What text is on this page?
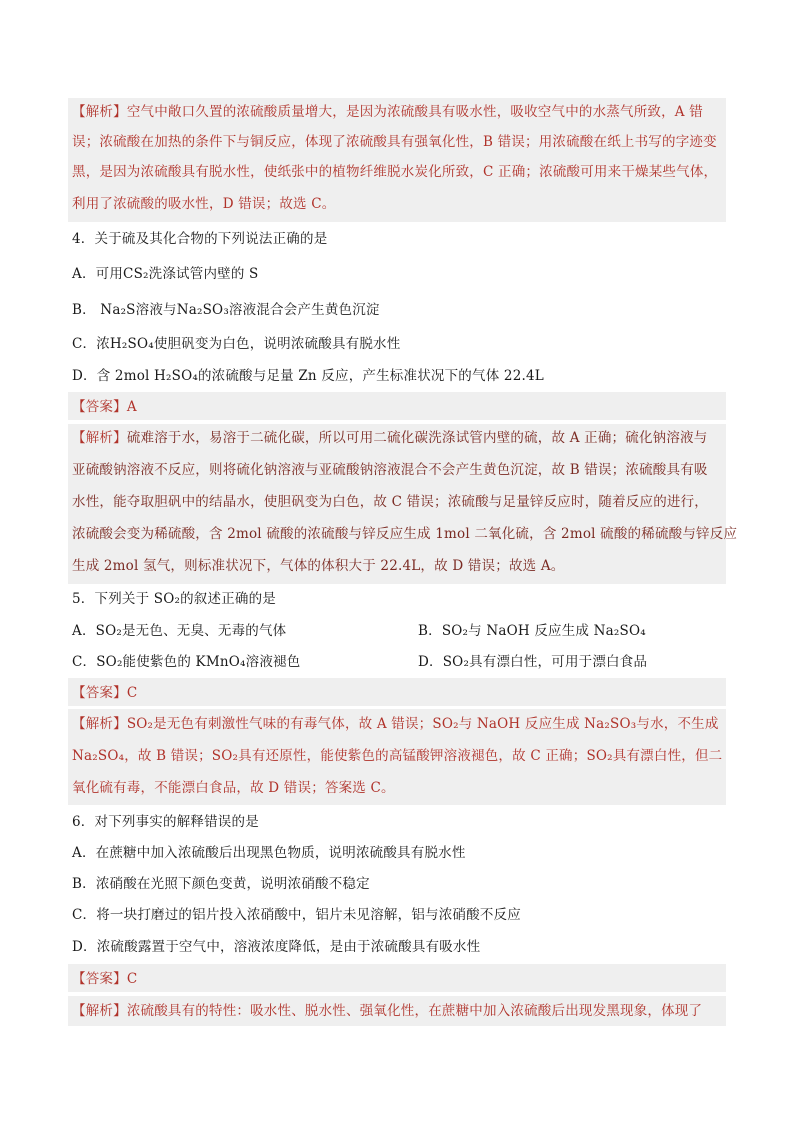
【解析】空气中敞口久置的浓硫酸质量增大，是因为浓硫酸具有吸水性，吸收空气中的水蒸气所致，A 错
误；浓硫酸在加热的条件下与铜反应，体现了浓硫酸具有强氧化性，B 错误；用浓硫酸在纸上书写的字迹变
黑，是因为浓硫酸具有脱水性，使纸张中的植物纤维脱水炭化所致，C 正确；浓硫酸可用来干燥某些气体，
利用了浓硫酸的吸水性，D 错误；故选 C。
4．关于硫及其化合物的下列说法正确的是
A．可用CS₂洗涤试管内壁的 S
B． Na₂S溶液与Na₂SO₃溶液混合会产生黄色沉淀
C．浓H₂SO₄使胆矾变为白色，说明浓硫酸具有脱水性
D．含 2mol H₂SO₄的浓硫酸与足量 Zn 反应，产生标准状况下的气体 22.4L
【答案】A
【解析】硫难溶于水，易溶于二硫化碳，所以可用二硫化碳洗涤试管内壁的硫，故 A 正确；硫化钠溶液与
亚硫酸钠溶液不反应，则将硫化钠溶液与亚硫酸钠溶液混合不会产生黄色沉淀，故 B 错误；浓硫酸具有吸
水性，能夺取胆矾中的结晶水，使胆矾变为白色，故 C 错误；浓硫酸与足量锌反应时，随着反应的进行，
浓硫酸会变为稀硫酸，含 2mol 硫酸的浓硫酸与锌反应生成 1mol 二氧化硫，含 2mol 硫酸的稀硫酸与锌反应
生成 2mol 氢气，则标准状况下，气体的体积大于 22.4L，故 D 错误；故选 A。
5．下列关于 SO₂的叙述正确的是
A．SO₂是无色、无臭、无毒的气体	B．SO₂与 NaOH 反应生成 Na₂SO₄
C．SO₂能使紫色的 KMnO₄溶液褪色	D．SO₂具有漂白性，可用于漂白食品
【答案】C
【解析】SO₂是无色有刺激性气味的有毒气体，故 A 错误；SO₂与 NaOH 反应生成 Na₂SO₃与水，不生成
Na₂SO₄，故 B 错误；SO₂具有还原性，能使紫色的高锰酸钾溶液褪色，故 C 正确；SO₂具有漂白性，但二
氧化硫有毒，不能漂白食品，故 D 错误；答案选 C。
6．对下列事实的解释错误的是
A．在蔗糖中加入浓硫酸后出现黑色物质，说明浓硫酸具有脱水性
B．浓硝酸在光照下颜色变黄，说明浓硝酸不稳定
C．将一块打磨过的铝片投入浓硝酸中，铝片未见溶解，铝与浓硝酸不反应
D．浓硫酸露置于空气中，溶液浓度降低，是由于浓硫酸具有吸水性
【答案】C
【解析】浓硫酸具有的特性：吸水性、脱水性、强氧化性，在蔗糖中加入浓硫酸后出现发黑现象，体现了
